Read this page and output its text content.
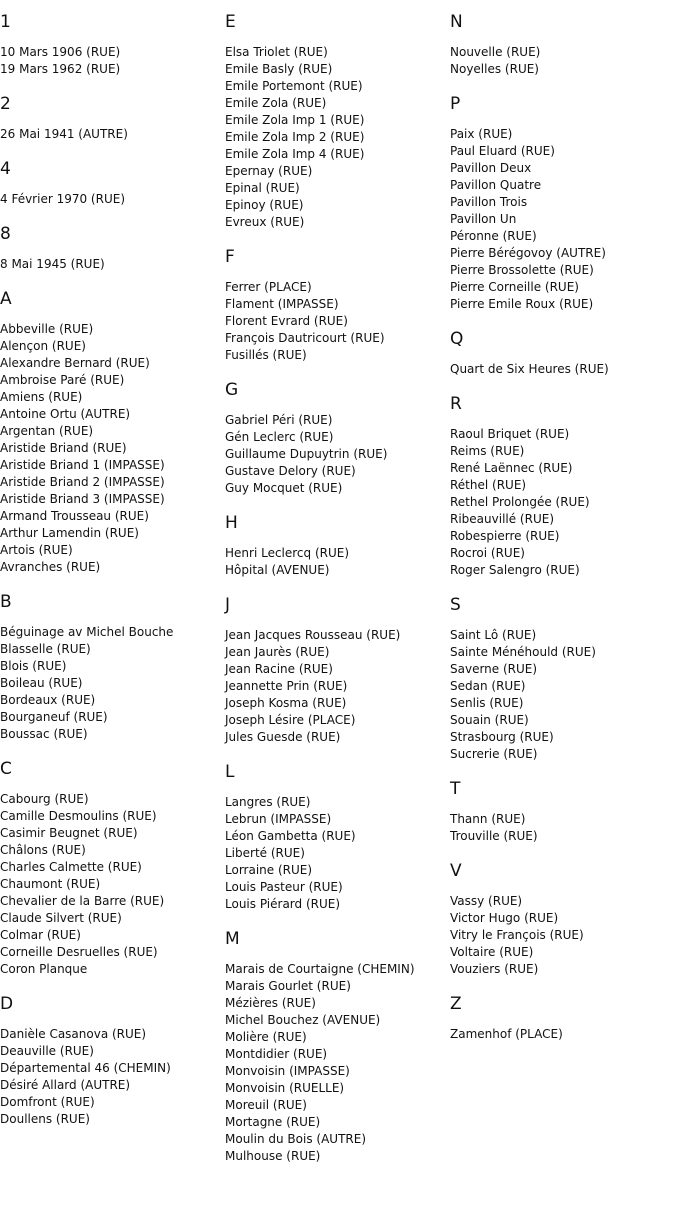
1
10 Mars 1906 (RUE)
19 Mars 1962 (RUE)
2
26 Mai 1941 (AUTRE)
4
4 Février 1970 (RUE)
8
8 Mai 1945 (RUE)
A
Abbeville (RUE)
Alençon (RUE)
Alexandre Bernard (RUE)
Ambroise Paré (RUE)
Amiens (RUE)
Antoine Ortu (AUTRE)
Argentan (RUE)
Aristide Briand (RUE)
Aristide Briand 1 (IMPASSE)
Aristide Briand 2 (IMPASSE)
Aristide Briand 3 (IMPASSE)
Armand Trousseau (RUE)
Arthur Lamendin (RUE)
Artois (RUE)
Avranches (RUE)
B
Béguinage av Michel Bouche
Blasselle (RUE)
Blois (RUE)
Boileau (RUE)
Bordeaux (RUE)
Bourganeuf (RUE)
Boussac (RUE)
C
Cabourg (RUE)
Camille Desmoulins (RUE)
Casimir Beugnet (RUE)
Châlons (RUE)
Charles Calmette (RUE)
Chaumont (RUE)
Chevalier de la Barre (RUE)
Claude Silvert (RUE)
Colmar (RUE)
Corneille Desruelles (RUE)
Coron Planque
D
Danièle Casanova (RUE)
Deauville (RUE)
Départemental 46 (CHEMIN)
Désiré Allard (AUTRE)
Domfront (RUE)
Doullens (RUE)
E
Elsa Triolet (RUE)
Emile Basly (RUE)
Emile Portemont (RUE)
Emile Zola (RUE)
Emile Zola Imp 1 (RUE)
Emile Zola Imp 2 (RUE)
Emile Zola Imp 4 (RUE)
Epernay (RUE)
Epinal (RUE)
Epinoy (RUE)
Evreux (RUE)
F
Ferrer (PLACE)
Flament (IMPASSE)
Florent Evrard (RUE)
François Dautricourt (RUE)
Fusillés (RUE)
G
Gabriel Péri (RUE)
Gén Leclerc (RUE)
Guillaume Dupuytrin (RUE)
Gustave Delory (RUE)
Guy Mocquet (RUE)
H
Henri Leclercq (RUE)
Hôpital (AVENUE)
J
Jean Jacques Rousseau (RUE)
Jean Jaurès (RUE)
Jean Racine (RUE)
Jeannette Prin (RUE)
Joseph Kosma (RUE)
Joseph Lésire (PLACE)
Jules Guesde (RUE)
L
Langres (RUE)
Lebrun (IMPASSE)
Léon Gambetta (RUE)
Liberté (RUE)
Lorraine (RUE)
Louis Pasteur (RUE)
Louis Piérard (RUE)
M
Marais de Courtaigne (CHEMIN)
Marais Gourlet (RUE)
Mézières (RUE)
Michel Bouchez (AVENUE)
Molière (RUE)
Montdidier (RUE)
Monvoisin (IMPASSE)
Monvoisin (RUELLE)
Moreuil (RUE)
Mortagne (RUE)
Moulin du Bois (AUTRE)
Mulhouse (RUE)
N
Nouvelle (RUE)
Noyelles (RUE)
P
Paix (RUE)
Paul Eluard (RUE)
Pavillon Deux
Pavillon Quatre
Pavillon Trois
Pavillon Un
Péronne (RUE)
Pierre Bérégovoy (AUTRE)
Pierre Brossolette (RUE)
Pierre Corneille (RUE)
Pierre Emile Roux (RUE)
Q
Quart de Six Heures (RUE)
R
Raoul Briquet (RUE)
Reims (RUE)
René Laënnec (RUE)
Réthel (RUE)
Rethel Prolongée (RUE)
Ribeauvillé (RUE)
Robespierre (RUE)
Rocroi (RUE)
Roger Salengro (RUE)
S
Saint Lô (RUE)
Sainte Ménéhould (RUE)
Saverne (RUE)
Sedan (RUE)
Senlis (RUE)
Souain (RUE)
Strasbourg (RUE)
Sucrerie (RUE)
T
Thann (RUE)
Trouville (RUE)
V
Vassy (RUE)
Victor Hugo (RUE)
Vitry le François (RUE)
Voltaire (RUE)
Vouziers (RUE)
Z
Zamenhof (PLACE)
